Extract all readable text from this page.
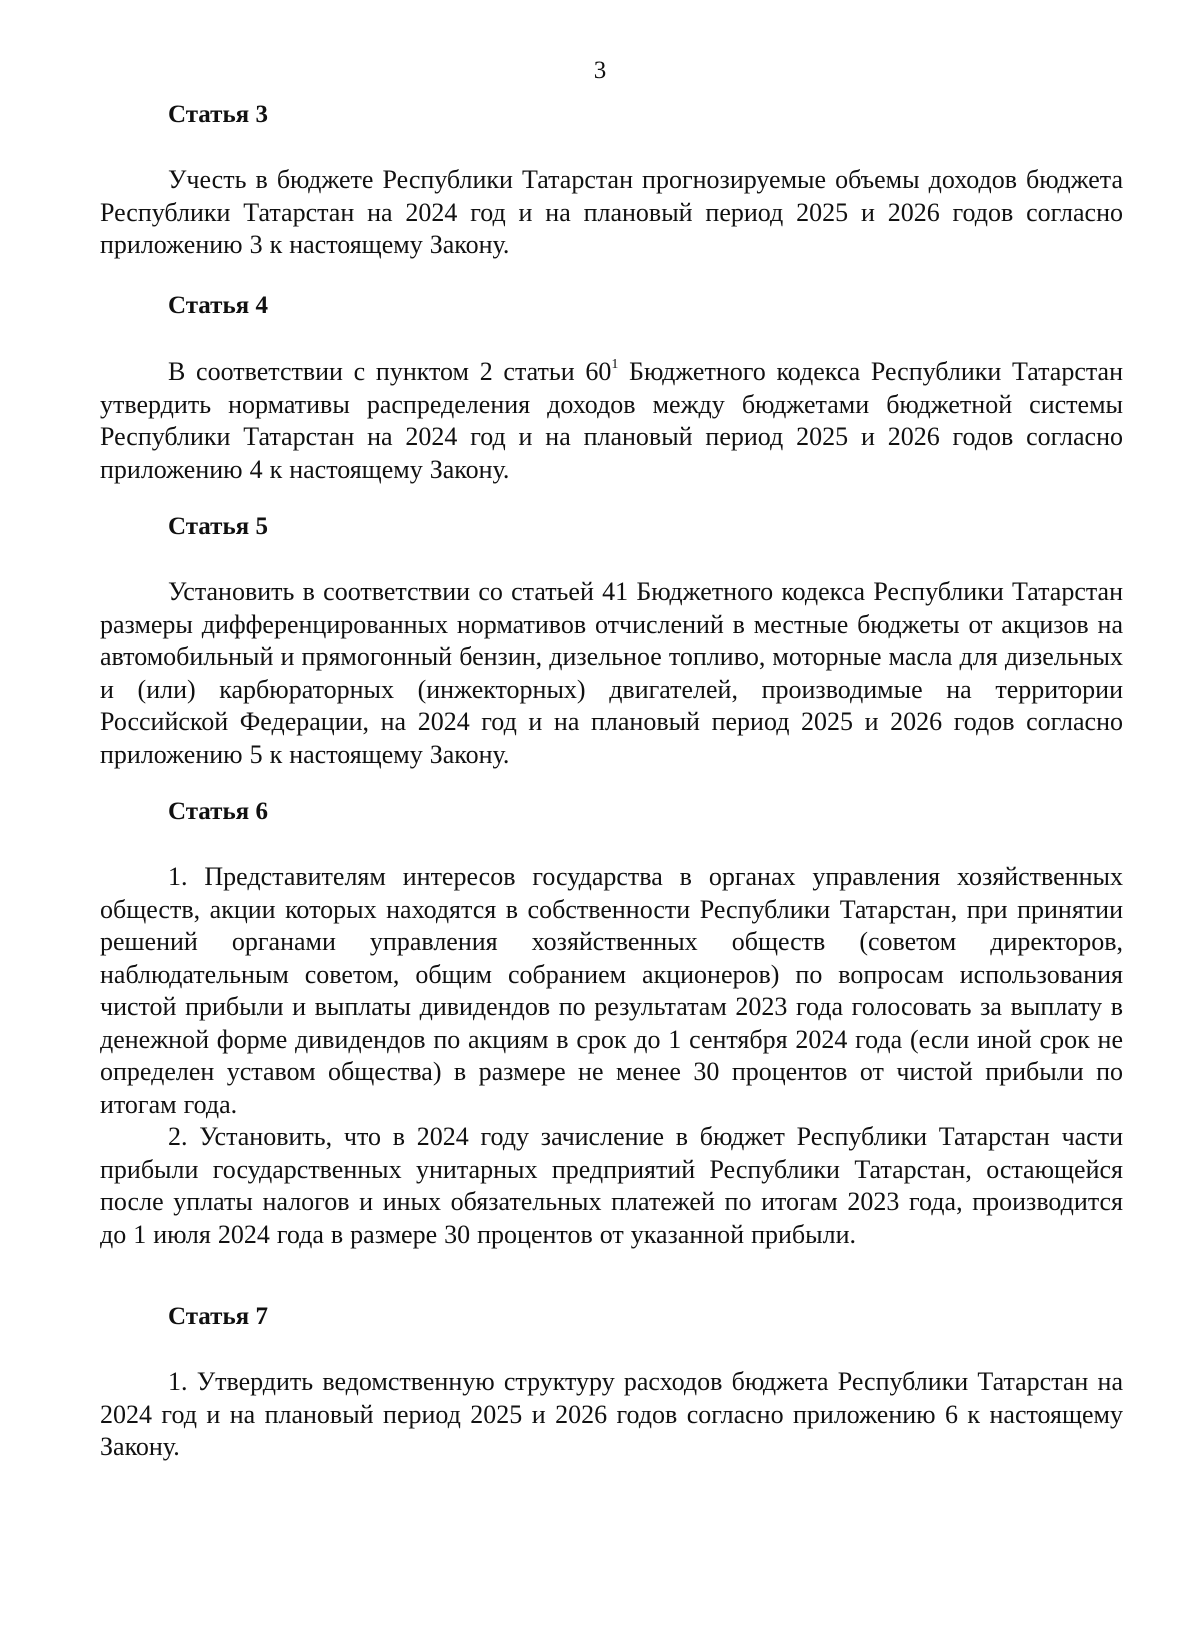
3

Статья 3

Учесть в бюджете Республики Татарстан прогнозируемые объемы доходов бюджета Республики Татарстан на 2024 год и на плановый период 2025 и 2026 годов согласно приложению 3 к настоящему Закону.

Статья 4

В соответствии с пунктом 2 статьи $60^1$ Бюджетного кодекса Республики Татарстан утвердить нормативы распределения доходов между бюджетами бюджетной системы Республики Татарстан на 2024 год и на плановый период 2025 и 2026 годов согласно приложению 4 к настоящему Закону.

Статья 5

Установить в соответствии со статьей 41 Бюджетного кодекса Республики Татарстан размеры дифференцированных нормативов отчислений в местные бюджеты от акцизов на автомобильный и прямогонный бензин, дизельное топливо, моторные масла для дизельных и (или) карбюраторных (инжекторных) двигателей, производимые на территории Российской Федерации, на 2024 год и на плановый период 2025 и 2026 годов согласно приложению 5 к настоящему Закону.

Статья 6

1. Представителям интересов государства в органах управления хозяйственных обществ, акции которых находятся в собственности Республики Татарстан, при принятии решений органами управления хозяйственных обществ (советом директоров, наблюдательным советом, общим собранием акционеров) по вопросам использования чистой прибыли и выплаты дивидендов по результатам 2023 года голосовать за выплату в денежной форме дивидендов по акциям в срок до 1 сентября 2024 года (если иной срок не определен уставом общества) в размере не менее 30 процентов от чистой прибыли по итогам года.

2. Установить, что в 2024 году зачисление в бюджет Республики Татарстан части прибыли государственных унитарных предприятий Республики Татарстан, остающейся после уплаты налогов и иных обязательных платежей по итогам 2023 года, производится до 1 июля 2024 года в размере 30 процентов от указанной прибыли.

Статья 7

1. Утвердить ведомственную структуру расходов бюджета Республики Татарстан на 2024 год и на плановый период 2025 и 2026 годов согласно приложению 6 к настоящему Закону.
